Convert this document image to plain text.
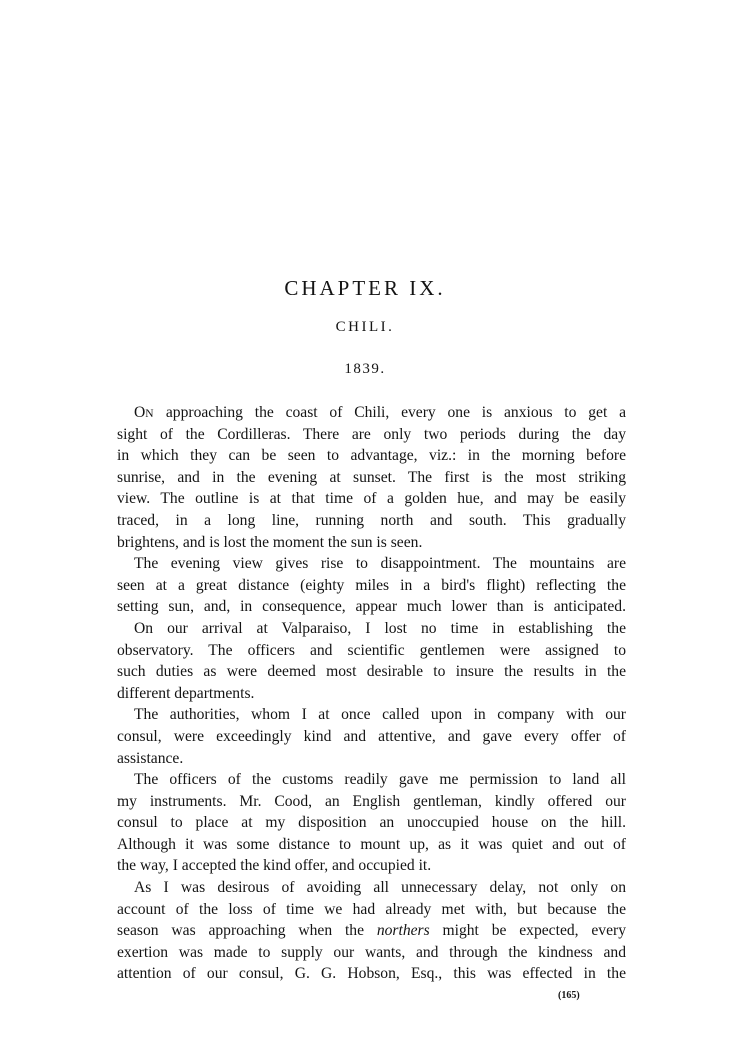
CHAPTER IX.
CHILI.
1839.
ON approaching the coast of Chili, every one is anxious to get a
sight of the Cordilleras. There are only two periods during the day
in which they can be seen to advantage, viz.: in the morning before
sunrise, and in the evening at sunset. The first is the most striking
view. The outline is at that time of a golden hue, and may be easily
traced, in a long line, running north and south. This gradually
brightens, and is lost the moment the sun is seen.
The evening view gives rise to disappointment. The mountains are
seen at a great distance (eighty miles in a bird's flight) reflecting the
setting sun, and, in consequence, appear much lower than is anticipated.
On our arrival at Valparaiso, I lost no time in establishing the
observatory. The officers and scientific gentlemen were assigned to
such duties as were deemed most desirable to insure the results in the
different departments.
The authorities, whom I at once called upon in company with our
consul, were exceedingly kind and attentive, and gave every offer of
assistance.
The officers of the customs readily gave me permission to land all
my instruments. Mr. Cood, an English gentleman, kindly offered our
consul to place at my disposition an unoccupied house on the hill.
Although it was some distance to mount up, as it was quiet and out of
the way, I accepted the kind offer, and occupied it.
As I was desirous of avoiding all unnecessary delay, not only on
account of the loss of time we had already met with, but because the
season was approaching when the northers might be expected, every
exertion was made to supply our wants, and through the kindness and
attention of our consul, G. G. Hobson, Esq., this was effected in the
(165)
